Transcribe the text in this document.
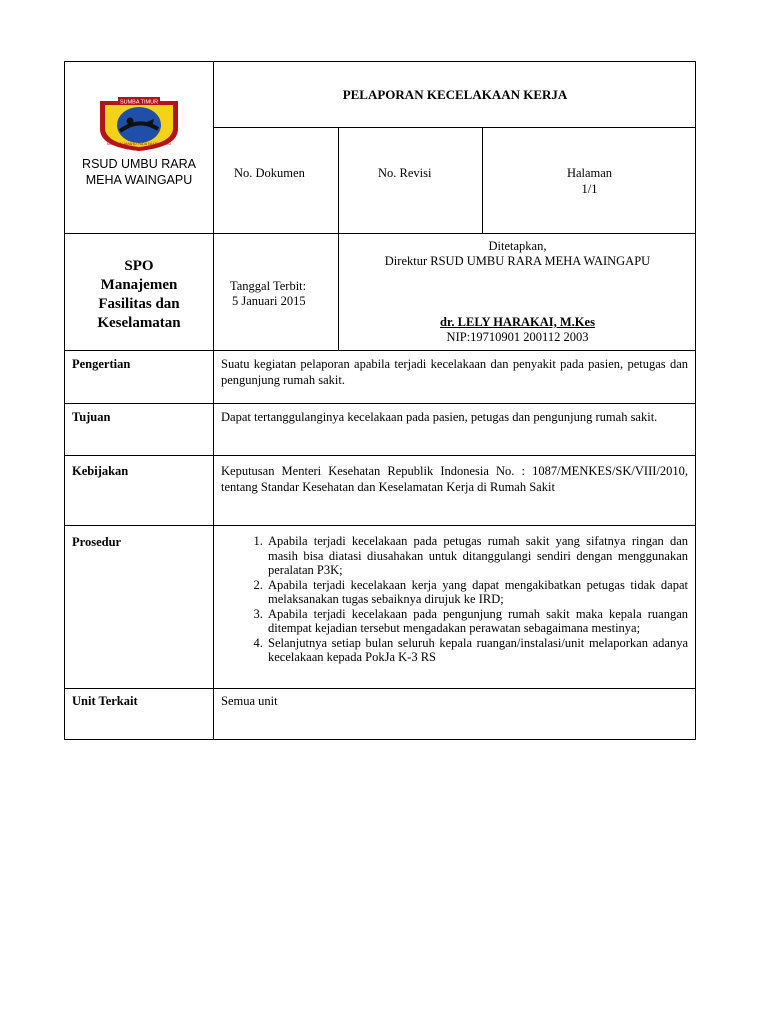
SUMBA TIMUR
MATAWAI AMAHU PADA NJARA HAMU
RSUD UMBU RARA
MEHA WAINGAPU
PELAPORAN KECELAKAAN KERJA
No. Dokumen	No. Revisi	Halaman
1/1
SPO
Manajemen
Fasilitas dan
Keselamatan
Tanggal Terbit:
5 Januari 2015
Ditetapkan,
Direktur RSUD UMBU RARA MEHA WAINGAPU
dr. LELY HARAKAI, M.Kes
NIP:19710901 200112 2003
Pengertian	Suatu kegiatan pelaporan apabila terjadi kecelakaan dan penyakit pada pasien, petugas dan pengunjung rumah sakit.
Tujuan	Dapat tertanggulanginya kecelakaan pada pasien, petugas dan pengunjung rumah sakit.
Kebijakan	Keputusan Menteri Kesehatan Republik Indonesia No. : 1087/MENKES/SK/VIII/2010, tentang Standar Kesehatan dan Keselamatan Kerja di Rumah Sakit
Prosedur
1.	Apabila terjadi kecelakaan pada petugas rumah sakit yang sifatnya ringan dan masih bisa diatasi diusahakan untuk ditanggulangi sendiri dengan menggunakan peralatan P3K;
2. Apabila terjadi kecelakaan kerja yang dapat mengakibatkan petugas tidak dapat melaksanakan tugas sebaiknya dirujuk ke IRD;
3. Apabila terjadi kecelakaan pada pengunjung rumah sakit maka kepala ruangan ditempat kejadian tersebut mengadakan perawatan sebagaimana mestinya;
4. Selanjutnya setiap bulan seluruh kepala ruangan/instalasi/unit melaporkan adanya kecelakaan kepada PokJa K-3 RS
Unit Terkait	Semua unit
